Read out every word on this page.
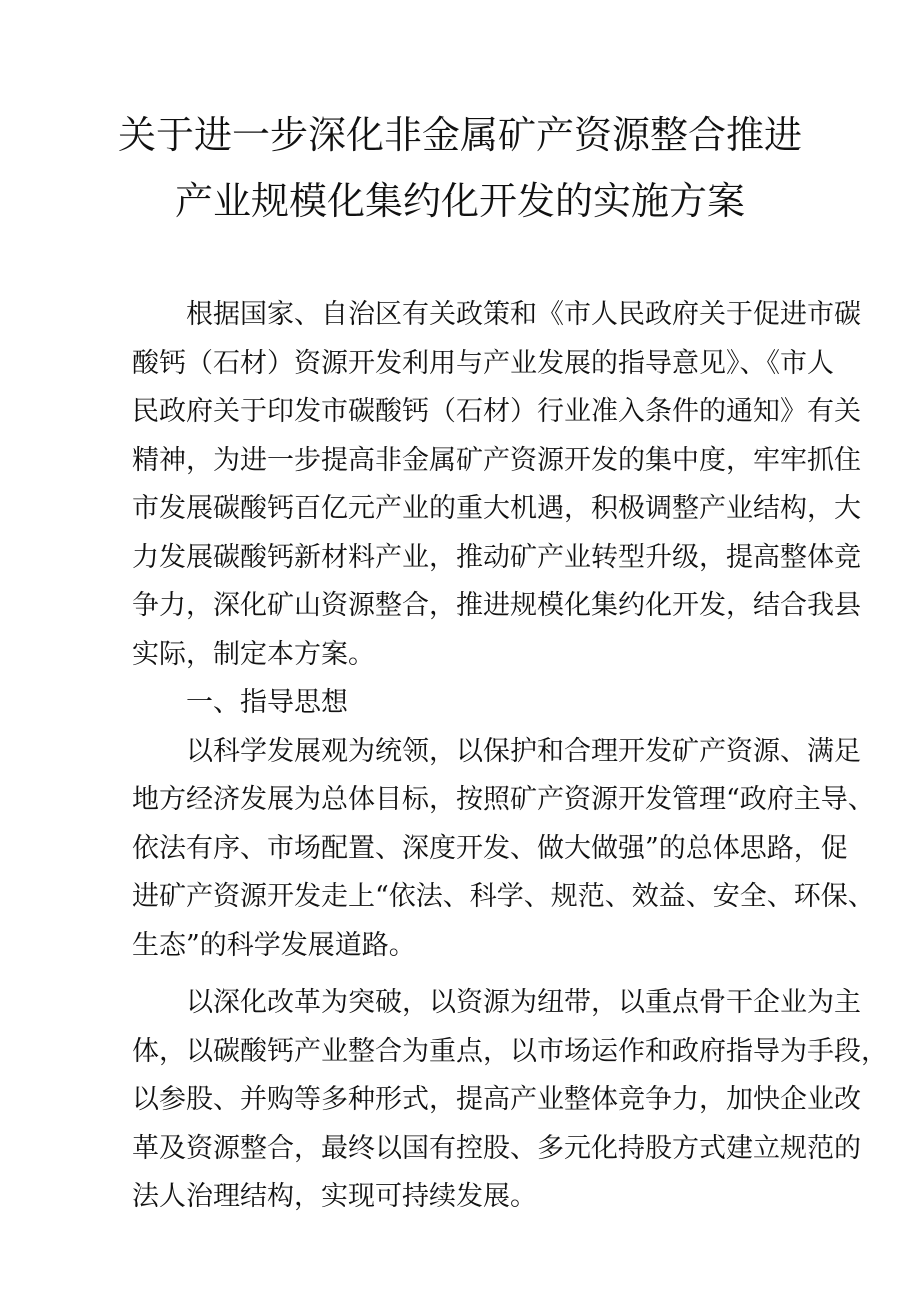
关于进一步深化非金属矿产资源整合推进
产业规模化集约化开发的实施方案
根据国家、自治区有关政策和《市人民政府关于促进市碳
酸钙（石材）资源开发利用与产业发展的指导意见》、《市人
民政府关于印发市碳酸钙（石材）行业准入条件的通知》有关
精神，为进一步提高非金属矿产资源开发的集中度，牢牢抓住
市发展碳酸钙百亿元产业的重大机遇，积极调整产业结构，大
力发展碳酸钙新材料产业，推动矿产业转型升级，提高整体竞
争力，深化矿山资源整合，推进规模化集约化开发，结合我县
实际，制定本方案。
一、指导思想
以科学发展观为统领，以保护和合理开发矿产资源、满足
地方经济发展为总体目标，按照矿产资源开发管理“政府主导、
依法有序、市场配置、深度开发、做大做强”的总体思路，促
进矿产资源开发走上“依法、科学、规范、效益、安全、环保、
生态”的科学发展道路。
以深化改革为突破，以资源为纽带，以重点骨干企业为主
体，以碳酸钙产业整合为重点，以市场运作和政府指导为手段，
以参股、并购等多种形式，提高产业整体竞争力，加快企业改
革及资源整合，最终以国有控股、多元化持股方式建立规范的
法人治理结构，实现可持续发展。
